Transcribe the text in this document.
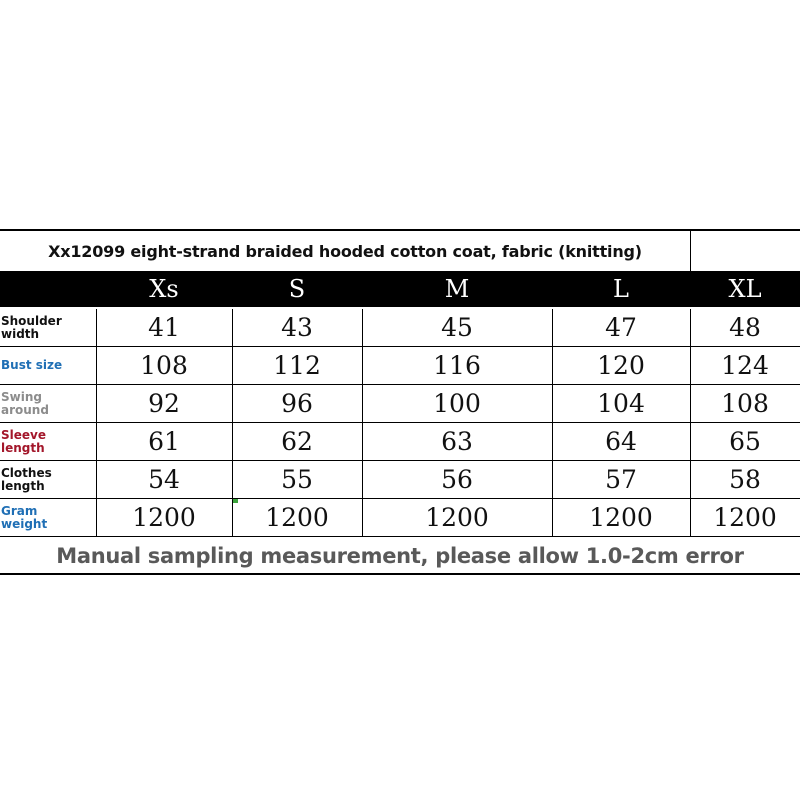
Xx12099 eight-strand braided hooded cotton coat, fabric (knitting)
Xs	S	M	L	XL
Shoulder
width	41	43	45	47	48
Bust size	108	112	116	120	124
Swing
around	92	96	100	104	108
Sleeve
length	61	62	63	64	65
Clothes
length	54	55	56	57	58
Gram
weight	1200	1200	1200	1200	1200
Manual sampling measurement, please allow 1.0-2cm error
